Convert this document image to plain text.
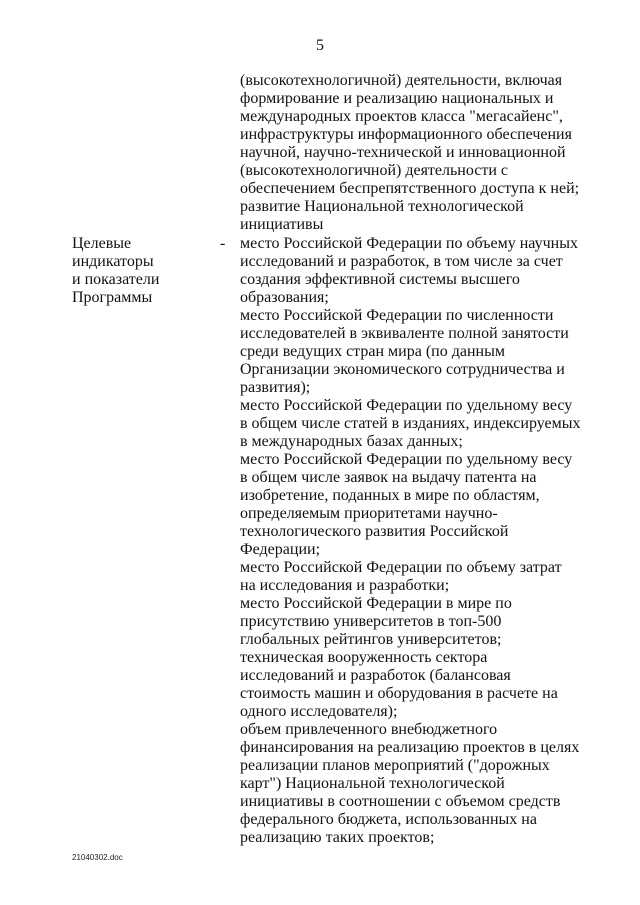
5
(высокотехнологичной) деятельности, включая
формирование и реализацию национальных и
международных проектов класса "мегасайенс",
инфраструктуры информационного обеспечения
научной, научно-технической и инновационной
(высокотехнологичной) деятельности с
обеспечением беспрепятственного доступа к ней;
развитие Национальной технологической
инициативы
Целевые
индикаторы
и показатели
Программы
- место Российской Федерации по объему научных
исследований и разработок, в том числе за счет
создания эффективной системы высшего
образования;
место Российской Федерации по численности
исследователей в эквиваленте полной занятости
среди ведущих стран мира (по данным
Организации экономического сотрудничества и
развития);
место Российской Федерации по удельному весу
в общем числе статей в изданиях, индексируемых
в международных базах данных;
место Российской Федерации по удельному весу
в общем числе заявок на выдачу патента на
изобретение, поданных в мире по областям,
определяемым приоритетами научно-
технологического развития Российской
Федерации;
место Российской Федерации по объему затрат
на исследования и разработки;
место Российской Федерации в мире по
присутствию университетов в топ-500
глобальных рейтингов университетов;
техническая вооруженность сектора
исследований и разработок (балансовая
стоимость машин и оборудования в расчете на
одного исследователя);
объем привлеченного внебюджетного
финансирования на реализацию проектов в целях
реализации планов мероприятий ("дорожных
карт") Национальной технологической
инициативы в соотношении с объемом средств
федерального бюджета, использованных на
реализацию таких проектов;
21040302.doc
